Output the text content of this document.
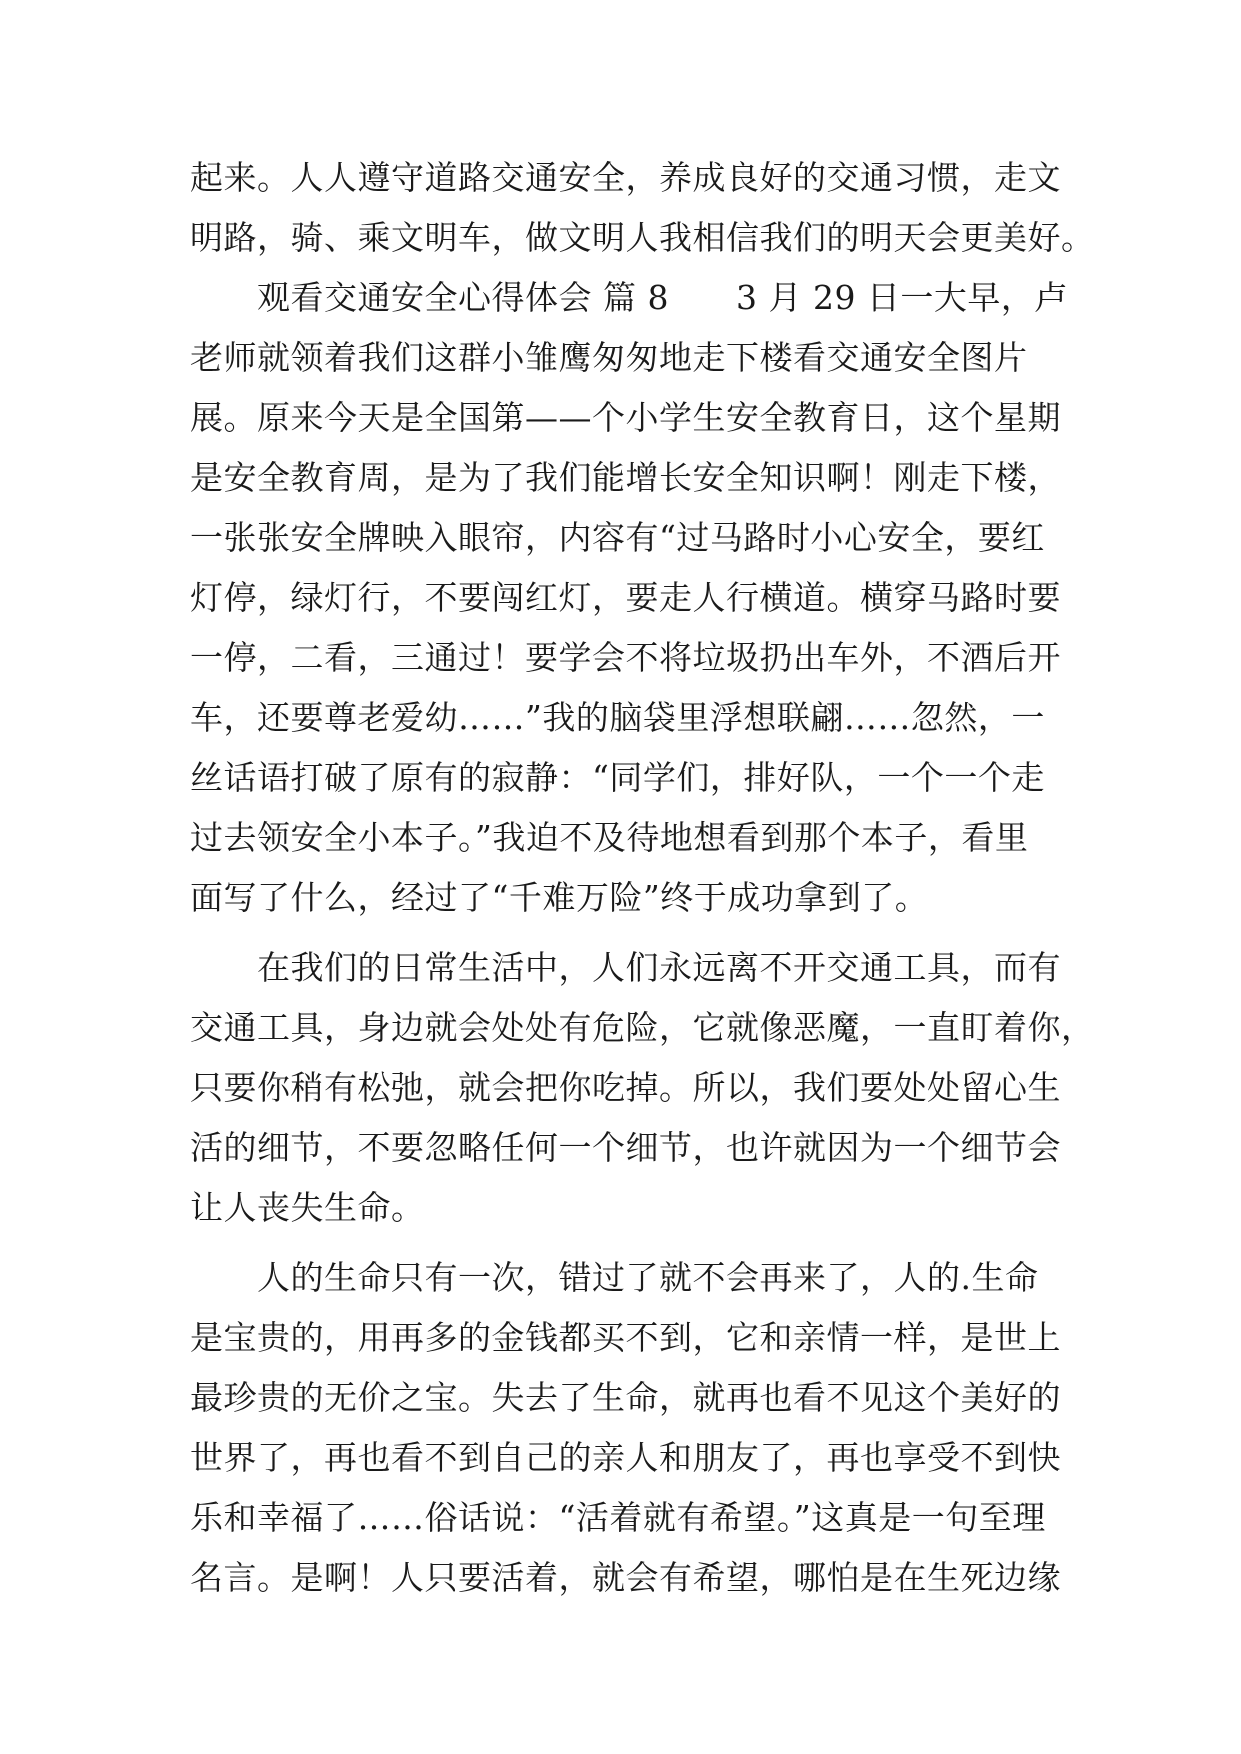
起来。人人遵守道路交通安全，养成良好的交通习惯，走文
明路，骑、乘文明车，做文明人我相信我们的明天会更美好。
　　观看交通安全心得体会 篇 8　　3 月 29 日一大早，卢
老师就领着我们这群小雏鹰匆匆地走下楼看交通安全图片
展。原来今天是全国第——个小学生安全教育日，这个星期
是安全教育周，是为了我们能增长安全知识啊！刚走下楼，
一张张安全牌映入眼帘，内容有“过马路时小心安全，要红
灯停，绿灯行，不要闯红灯，要走人行横道。横穿马路时要
一停，二看，三通过！要学会不将垃圾扔出车外，不酒后开
车，还要尊老爱幼……”我的脑袋里浮想联翩……忽然，一
丝话语打破了原有的寂静：“同学们，排好队，一个一个走
过去领安全小本子。”我迫不及待地想看到那个本子，看里
面写了什么，经过了“千难万险”终于成功拿到了。
　　在我们的日常生活中，人们永远离不开交通工具，而有
交通工具，身边就会处处有危险，它就像恶魔，一直盯着你，
只要你稍有松弛，就会把你吃掉。所以，我们要处处留心生
活的细节，不要忽略任何一个细节，也许就因为一个细节会
让人丧失生命。
　　人的生命只有一次，错过了就不会再来了，人的.生命
是宝贵的，用再多的金钱都买不到，它和亲情一样，是世上
最珍贵的无价之宝。失去了生命，就再也看不见这个美好的
世界了，再也看不到自己的亲人和朋友了，再也享受不到快
乐和幸福了……俗话说：“活着就有希望。”这真是一句至理
名言。是啊！人只要活着，就会有希望，哪怕是在生死边缘
